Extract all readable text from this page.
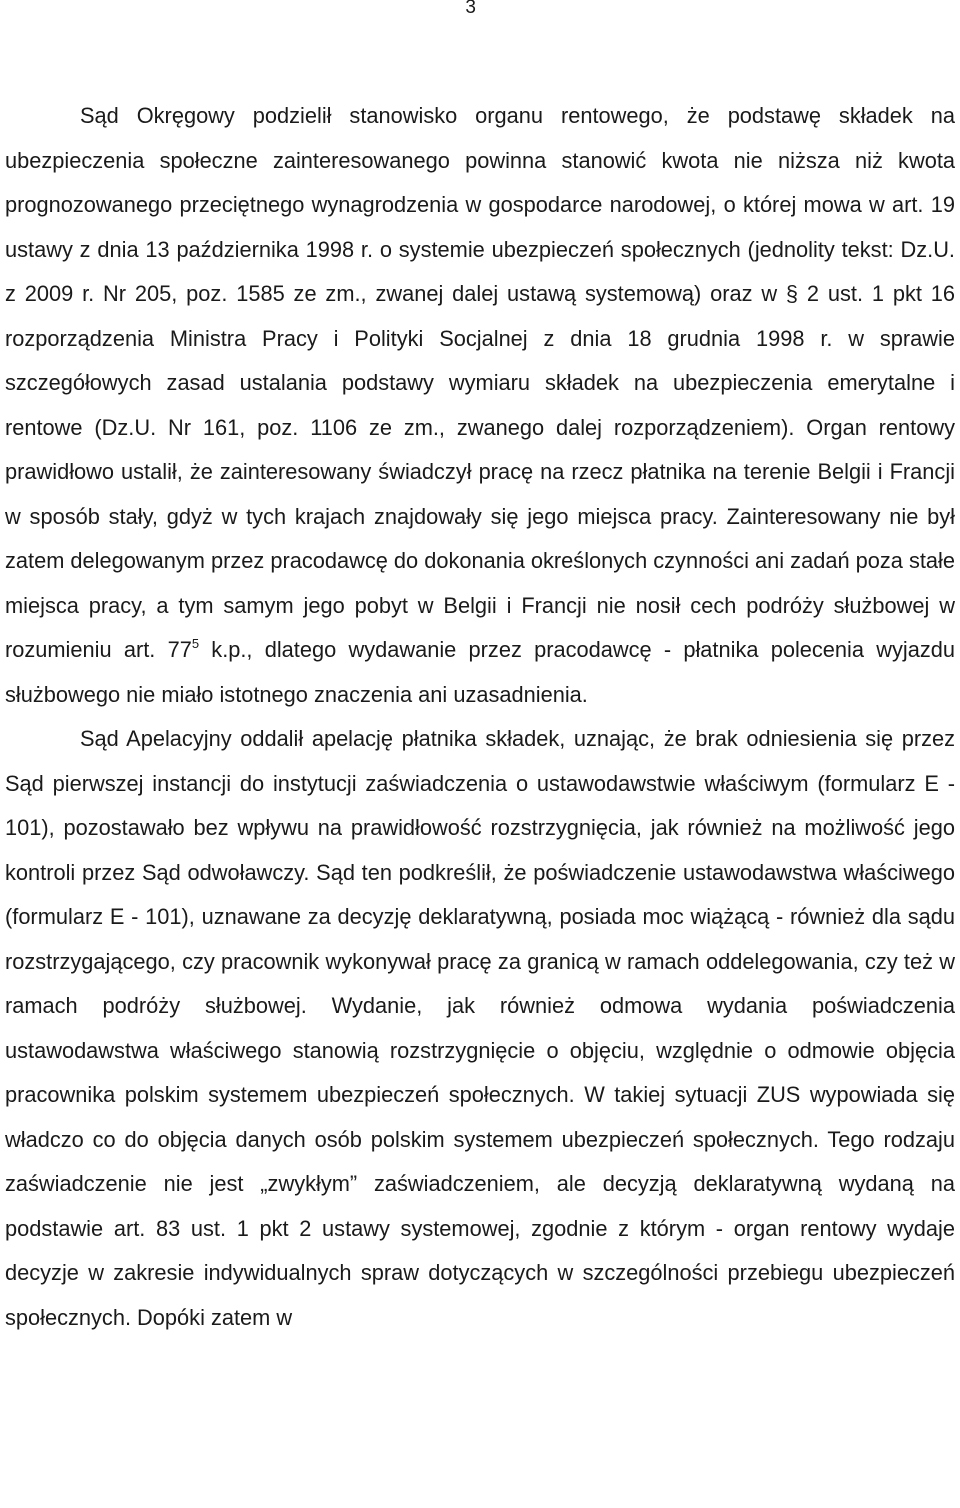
3

Sąd Okręgowy podzielił stanowisko organu rentowego, że podstawę składek na ubezpieczenia społeczne zainteresowanego powinna stanowić kwota nie niższa niż kwota prognozowanego przeciętnego wynagrodzenia w gospodarce narodowej, o której mowa w art. 19 ustawy z dnia 13 października 1998 r. o systemie ubezpieczeń społecznych (jednolity tekst: Dz.U. z 2009 r. Nr 205, poz. 1585 ze zm., zwanej dalej ustawą systemową) oraz w § 2 ust. 1 pkt 16 rozporządzenia Ministra Pracy i Polityki Socjalnej z dnia 18 grudnia 1998 r. w sprawie szczegółowych zasad ustalania podstawy wymiaru składek na ubezpieczenia emerytalne i rentowe (Dz.U. Nr 161, poz. 1106 ze zm., zwanego dalej rozporządzeniem). Organ rentowy prawidłowo ustalił, że zainteresowany świadczył pracę na rzecz płatnika na terenie Belgii i Francji w sposób stały, gdyż w tych krajach znajdowały się jego miejsca pracy. Zainteresowany nie był zatem delegowanym przez pracodawcę do dokonania określonych czynności ani zadań poza stałe miejsca pracy, a tym samym jego pobyt w Belgii i Francji nie nosił cech podróży służbowej w rozumieniu art. $77^5$ k.p., dlatego wydawanie przez pracodawcę - płatnika polecenia wyjazdu służbowego nie miało istotnego znaczenia ani uzasadnienia.

Sąd Apelacyjny oddalił apelację płatnika składek, uznając, że brak odniesienia się przez Sąd pierwszej instancji do instytucji zaświadczenia o ustawodawstwie właściwym (formularz E - 101), pozostawało bez wpływu na prawidłowość rozstrzygnięcia, jak również na możliwość jego kontroli przez Sąd odwoławczy. Sąd ten podkreślił, że poświadczenie ustawodawstwa właściwego (formularz E - 101), uznawane za decyzję deklaratywną, posiada moc wiążącą - również dla sądu rozstrzygającego, czy pracownik wykonywał pracę za granicą w ramach oddelegowania, czy też w ramach podróży służbowej. Wydanie, jak również odmowa wydania poświadczenia ustawodawstwa właściwego stanowią rozstrzygnięcie o objęciu, względnie o odmowie objęcia pracownika polskim systemem ubezpieczeń społecznych. W takiej sytuacji ZUS wypowiada się władczo co do objęcia danych osób polskim systemem ubezpieczeń społecznych. Tego rodzaju zaświadczenie nie jest „zwykłym” zaświadczeniem, ale decyzją deklaratywną wydaną na podstawie art. 83 ust. 1 pkt 2 ustawy systemowej, zgodnie z którym - organ rentowy wydaje decyzje w zakresie indywidualnych spraw dotyczących w szczególności przebiegu ubezpieczeń społecznych. Dopóki zatem w
